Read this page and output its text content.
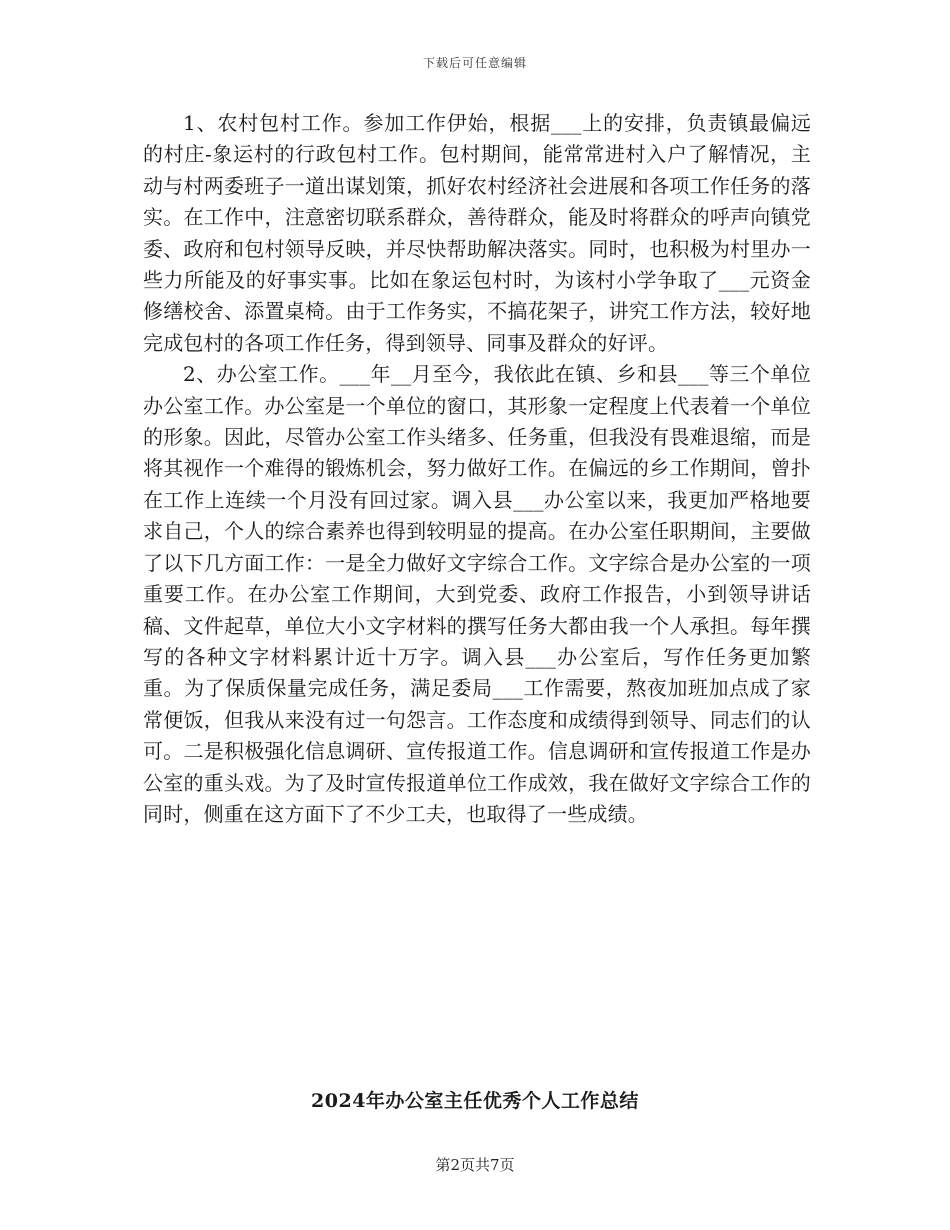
下载后可任意编辑

1、农村包村工作。参加工作伊始，根据___上的安排，负责镇最偏远的村庄-象运村的行政包村工作。包村期间，能常常进村入户了解情况，主动与村两委班子一道出谋划策，抓好农村经济社会进展和各项工作任务的落实。在工作中，注意密切联系群众，善待群众，能及时将群众的呼声向镇党委、政府和包村领导反映，并尽快帮助解决落实。同时，也积极为村里办一些力所能及的好事实事。比如在象运包村时，为该村小学争取了___元资金修缮校舍、添置桌椅。由于工作务实，不搞花架子，讲究工作方法，较好地完成包村的各项工作任务，得到领导、同事及群众的好评。

2、办公室工作。___年__月至今，我依此在镇、乡和县___等三个单位办公室工作。办公室是一个单位的窗口，其形象一定程度上代表着一个单位的形象。因此，尽管办公室工作头绪多、任务重，但我没有畏难退缩，而是将其视作一个难得的锻炼机会，努力做好工作。在偏远的乡工作期间，曾扑在工作上连续一个月没有回过家。调入县___办公室以来，我更加严格地要求自己，个人的综合素养也得到较明显的提高。在办公室任职期间，主要做了以下几方面工作：一是全力做好文字综合工作。文字综合是办公室的一项重要工作。在办公室工作期间，大到党委、政府工作报告，小到领导讲话稿、文件起草，单位大小文字材料的撰写任务大都由我一个人承担。每年撰写的各种文字材料累计近十万字。调入县___办公室后，写作任务更加繁重。为了保质保量完成任务，满足委局___工作需要，熬夜加班加点成了家常便饭，但我从来没有过一句怨言。工作态度和成绩得到领导、同志们的认可。二是积极强化信息调研、宣传报道工作。信息调研和宣传报道工作是办公室的重头戏。为了及时宣传报道单位工作成效，我在做好文字综合工作的同时，侧重在这方面下了不少工夫，也取得了一些成绩。

2024年办公室主任优秀个人工作总结
第2页共7页
